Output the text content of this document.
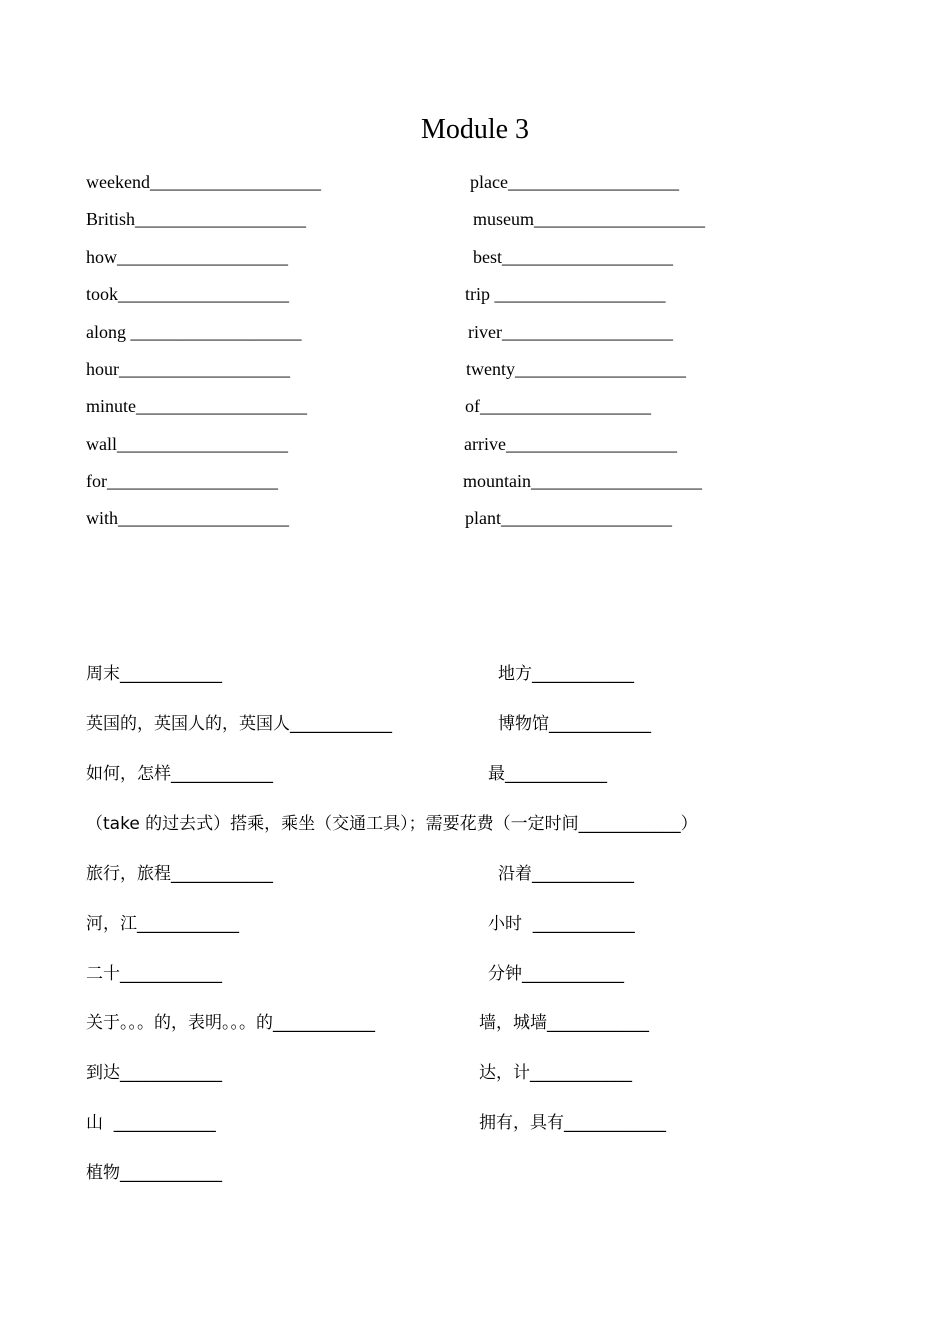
Module 3
weekend___________________
British___________________
how___________________
took___________________
along ___________________
hour___________________
minute___________________
wall___________________
for___________________
with___________________
place___________________
museum___________________
best___________________
trip ___________________
river___________________
twenty___________________
of___________________
arrive___________________
mountain___________________
plant___________________
周末____________
英国的，英国人的，英国人____________
如何，怎样____________
（take 的过去式）搭乘，乘坐（交通工具）；需要花费（一定时间____________）
旅行，旅程____________
河，江____________
二十____________
关于。。。的，表明。。。的____________
到达____________
山  ____________
植物____________
地方____________
博物馆____________
最____________
沿着____________
小时  ____________
分钟____________
墙，城墙____________
达，计____________
拥有，具有____________
